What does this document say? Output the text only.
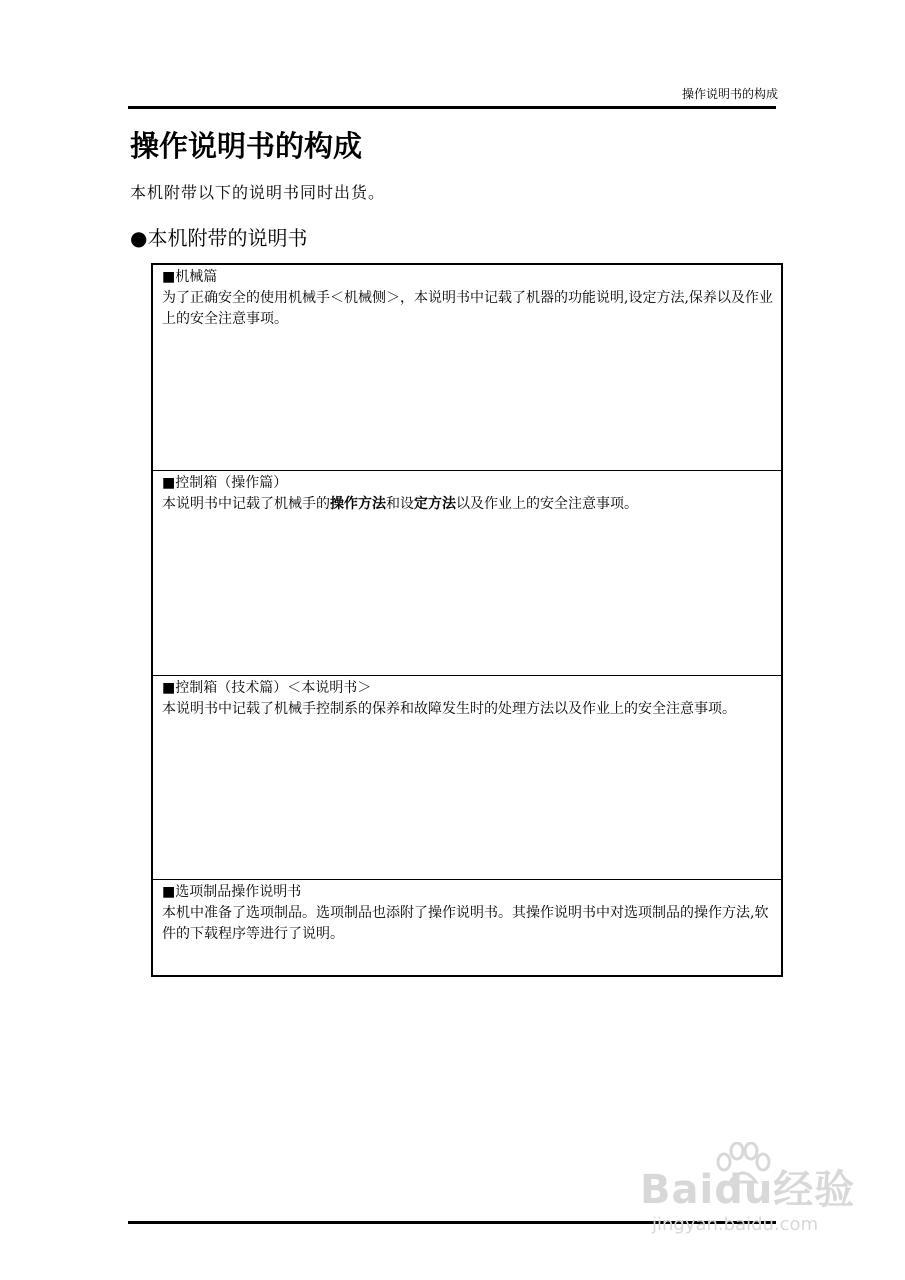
操作说明书的构成
操作说明书的构成
本机附带以下的说明书同时出货。
●本机附带的说明书
■机械篇
为了正确安全的使用机械手＜机械侧＞，本说明书中记载了机器的功能说明,设定方法,保养以及作业上的安全注意事项。
■控制箱（操作篇）
本说明书中记载了机械手的操作方法和设定方法以及作业上的安全注意事项。
■控制箱（技术篇）＜本说明书＞
本说明书中记载了机械手控制系的保养和故障发生时的处理方法以及作业上的安全注意事项。
■选项制品操作说明书
本机中准备了选项制品。选项制品也添附了操作说明书。其操作说明书中对选项制品的操作方法,软件的下载程序等进行了说明。
Baidu经验
jingyan.baidu.com
